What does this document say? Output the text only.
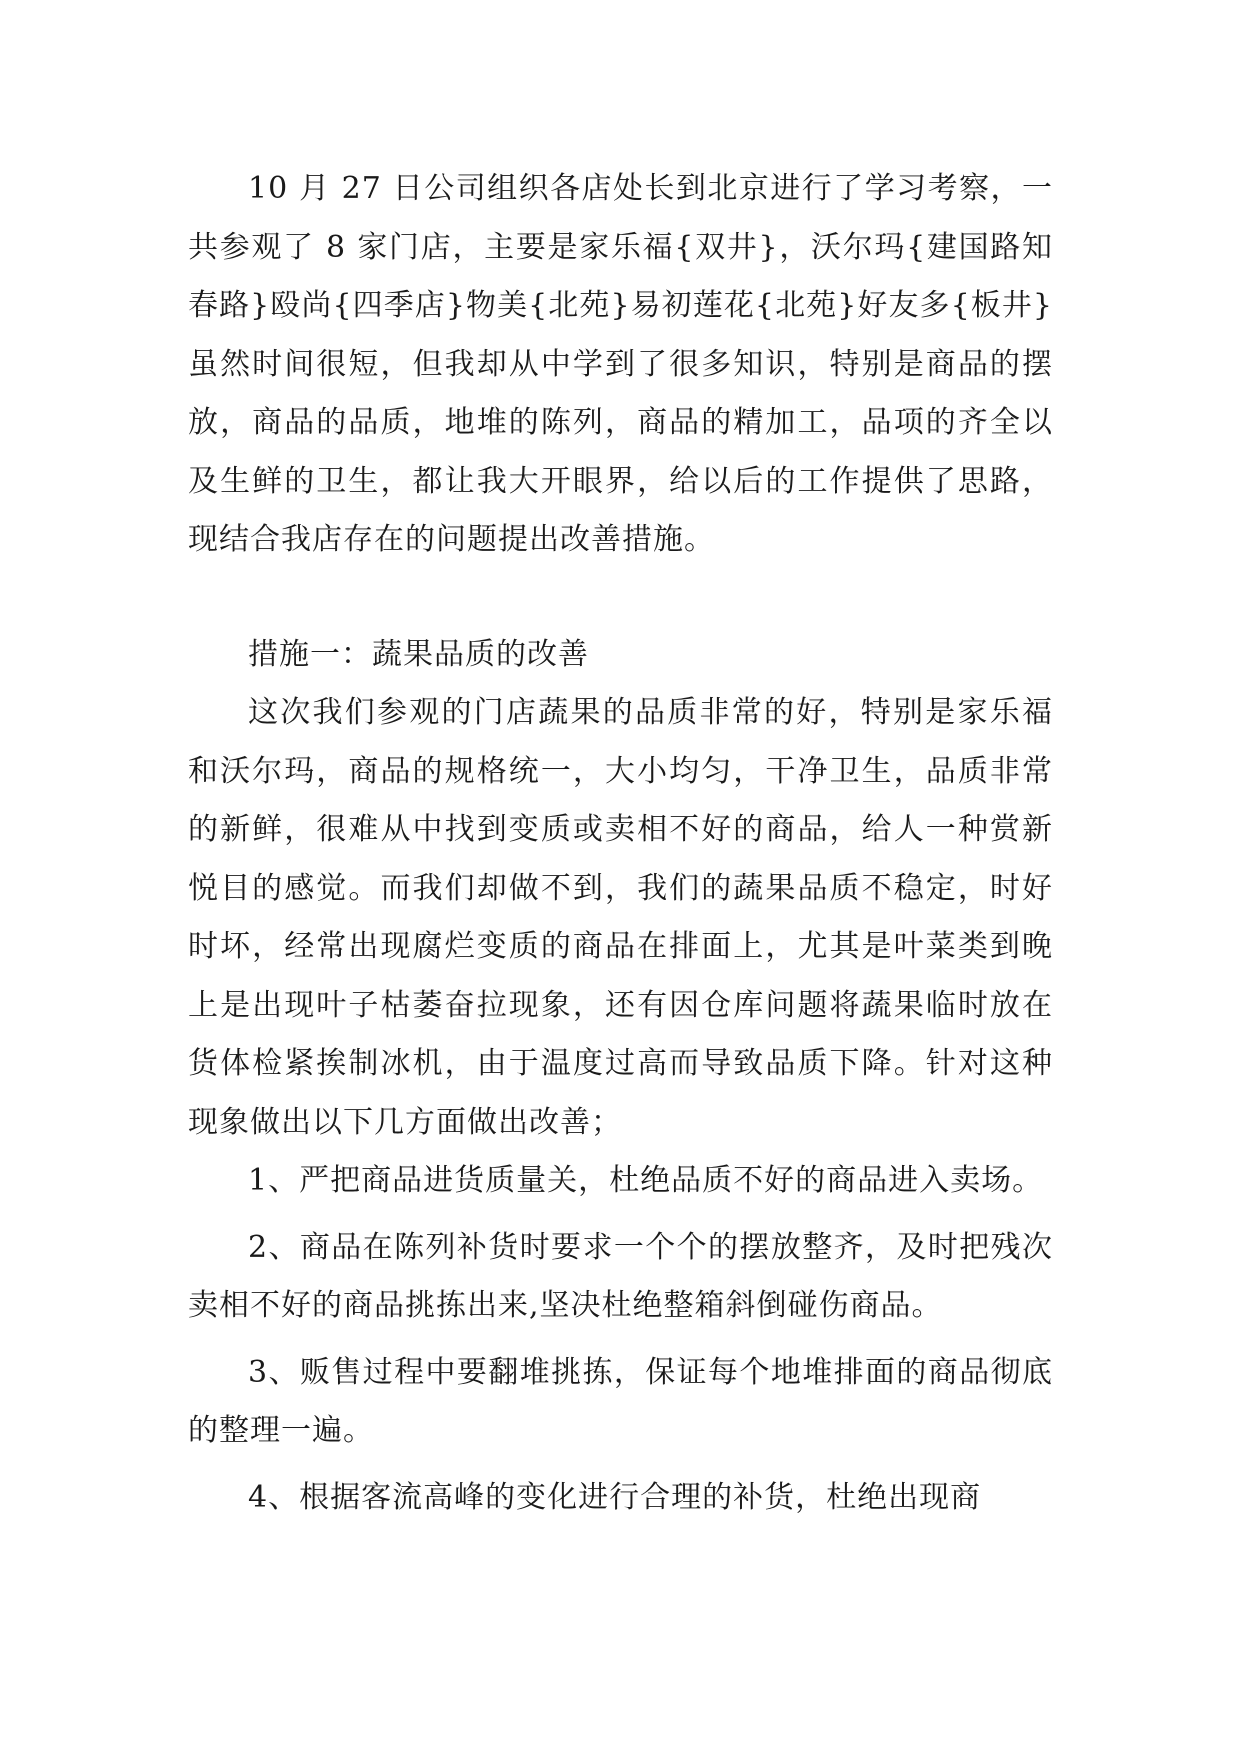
10 月 27 日公司组织各店处长到北京进行了学习考察，一共参观了 8 家门店，主要是家乐福{双井}，沃尔玛{建国路知春路}殴尚{四季店}物美{北苑}易初莲花{北苑}好友多{板井}虽然时间很短，但我却从中学到了很多知识，特别是商品的摆放，商品的品质，地堆的陈列，商品的精加工，品项的齐全以及生鲜的卫生，都让我大开眼界，给以后的工作提供了思路，现结合我店存在的问题提出改善措施。

措施一：蔬果品质的改善

这次我们参观的门店蔬果的品质非常的好，特别是家乐福和沃尔玛，商品的规格统一，大小均匀，干净卫生，品质非常的新鲜，很难从中找到变质或卖相不好的商品，给人一种赏新悦目的感觉。而我们却做不到，我们的蔬果品质不稳定，时好时坏，经常出现腐烂变质的商品在排面上，尤其是叶菜类到晚上是出现叶子枯萎奋拉现象，还有因仓库问题将蔬果临时放在货体检紧挨制冰机，由于温度过高而导致品质下降。针对这种现象做出以下几方面做出改善；

1、严把商品进货质量关，杜绝品质不好的商品进入卖场。

2、商品在陈列补货时要求一个个的摆放整齐，及时把残次卖相不好的商品挑拣出来,坚决杜绝整箱斜倒碰伤商品。

3、贩售过程中要翻堆挑拣，保证每个地堆排面的商品彻底的整理一遍。

4、根据客流高峰的变化进行合理的补货，杜绝出现商
